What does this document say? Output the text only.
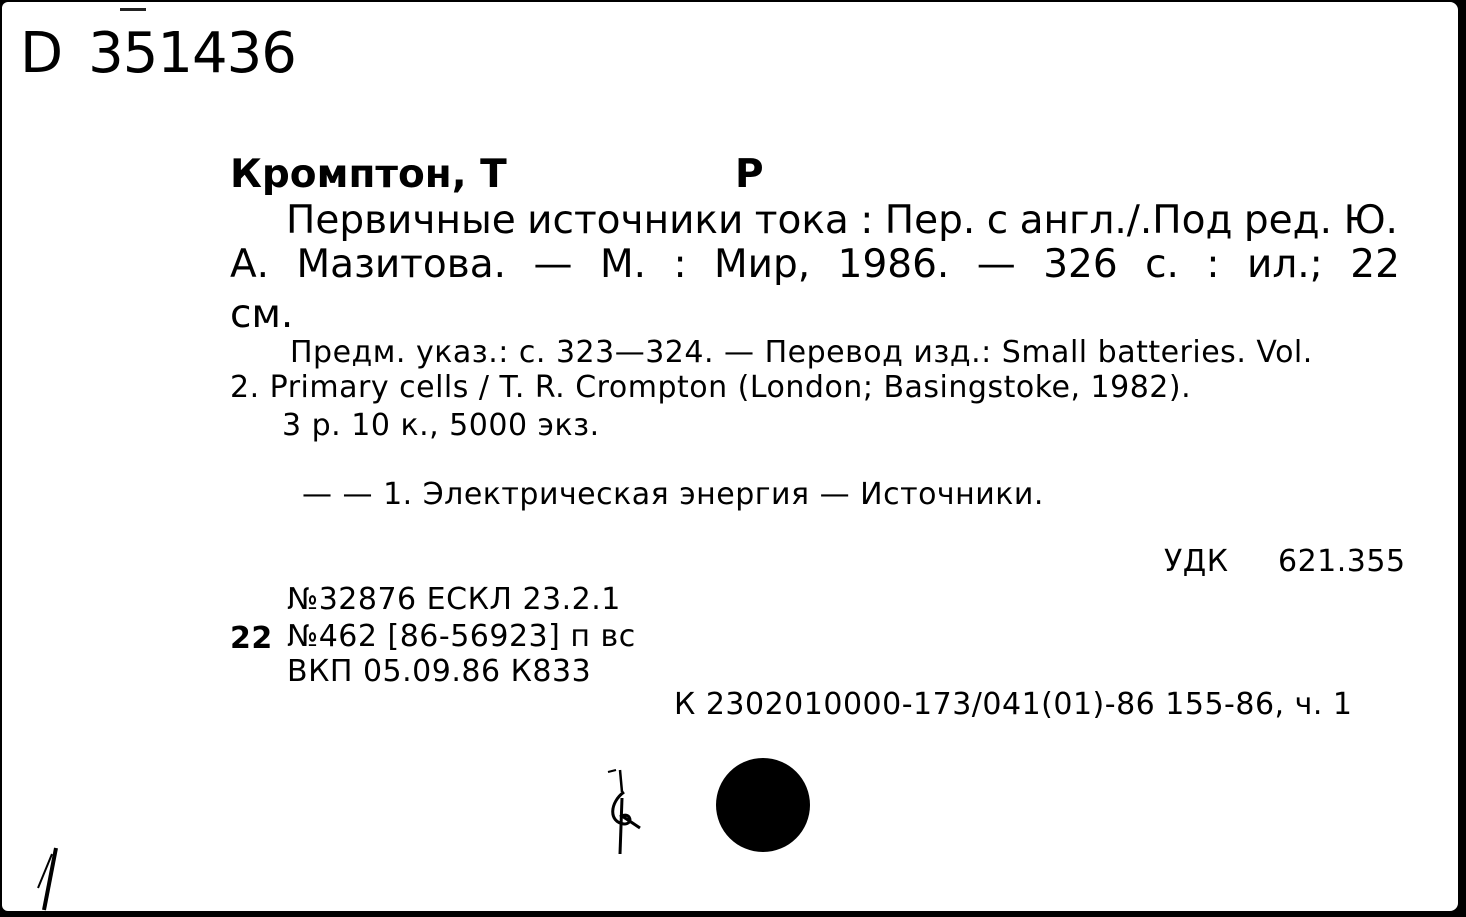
D 351436
Кромптон, Т	Р
Первичные источники тока : Пер. с англ./.Под ред. Ю.
А. Мазитова. — М. : Мир, 1986. — 326 с. : ил.; 22
см.
Предм. указ.: с. 323—324. — Перевод изд.: Small batteries. Vol.
2. Primary cells / T. R. Crompton (London; Basingstoke, 1982).
3 р. 10 к., 5000 экз.
— — 1. Электрическая энергия — Источники.
УДК 621.355
№32876 ЕСКЛ 23.2.1
22 №462 [86-56923] п вс
ВКП 05.09.86 К833
К 2302010000-173/041(01)-86 155-86, ч. 1
